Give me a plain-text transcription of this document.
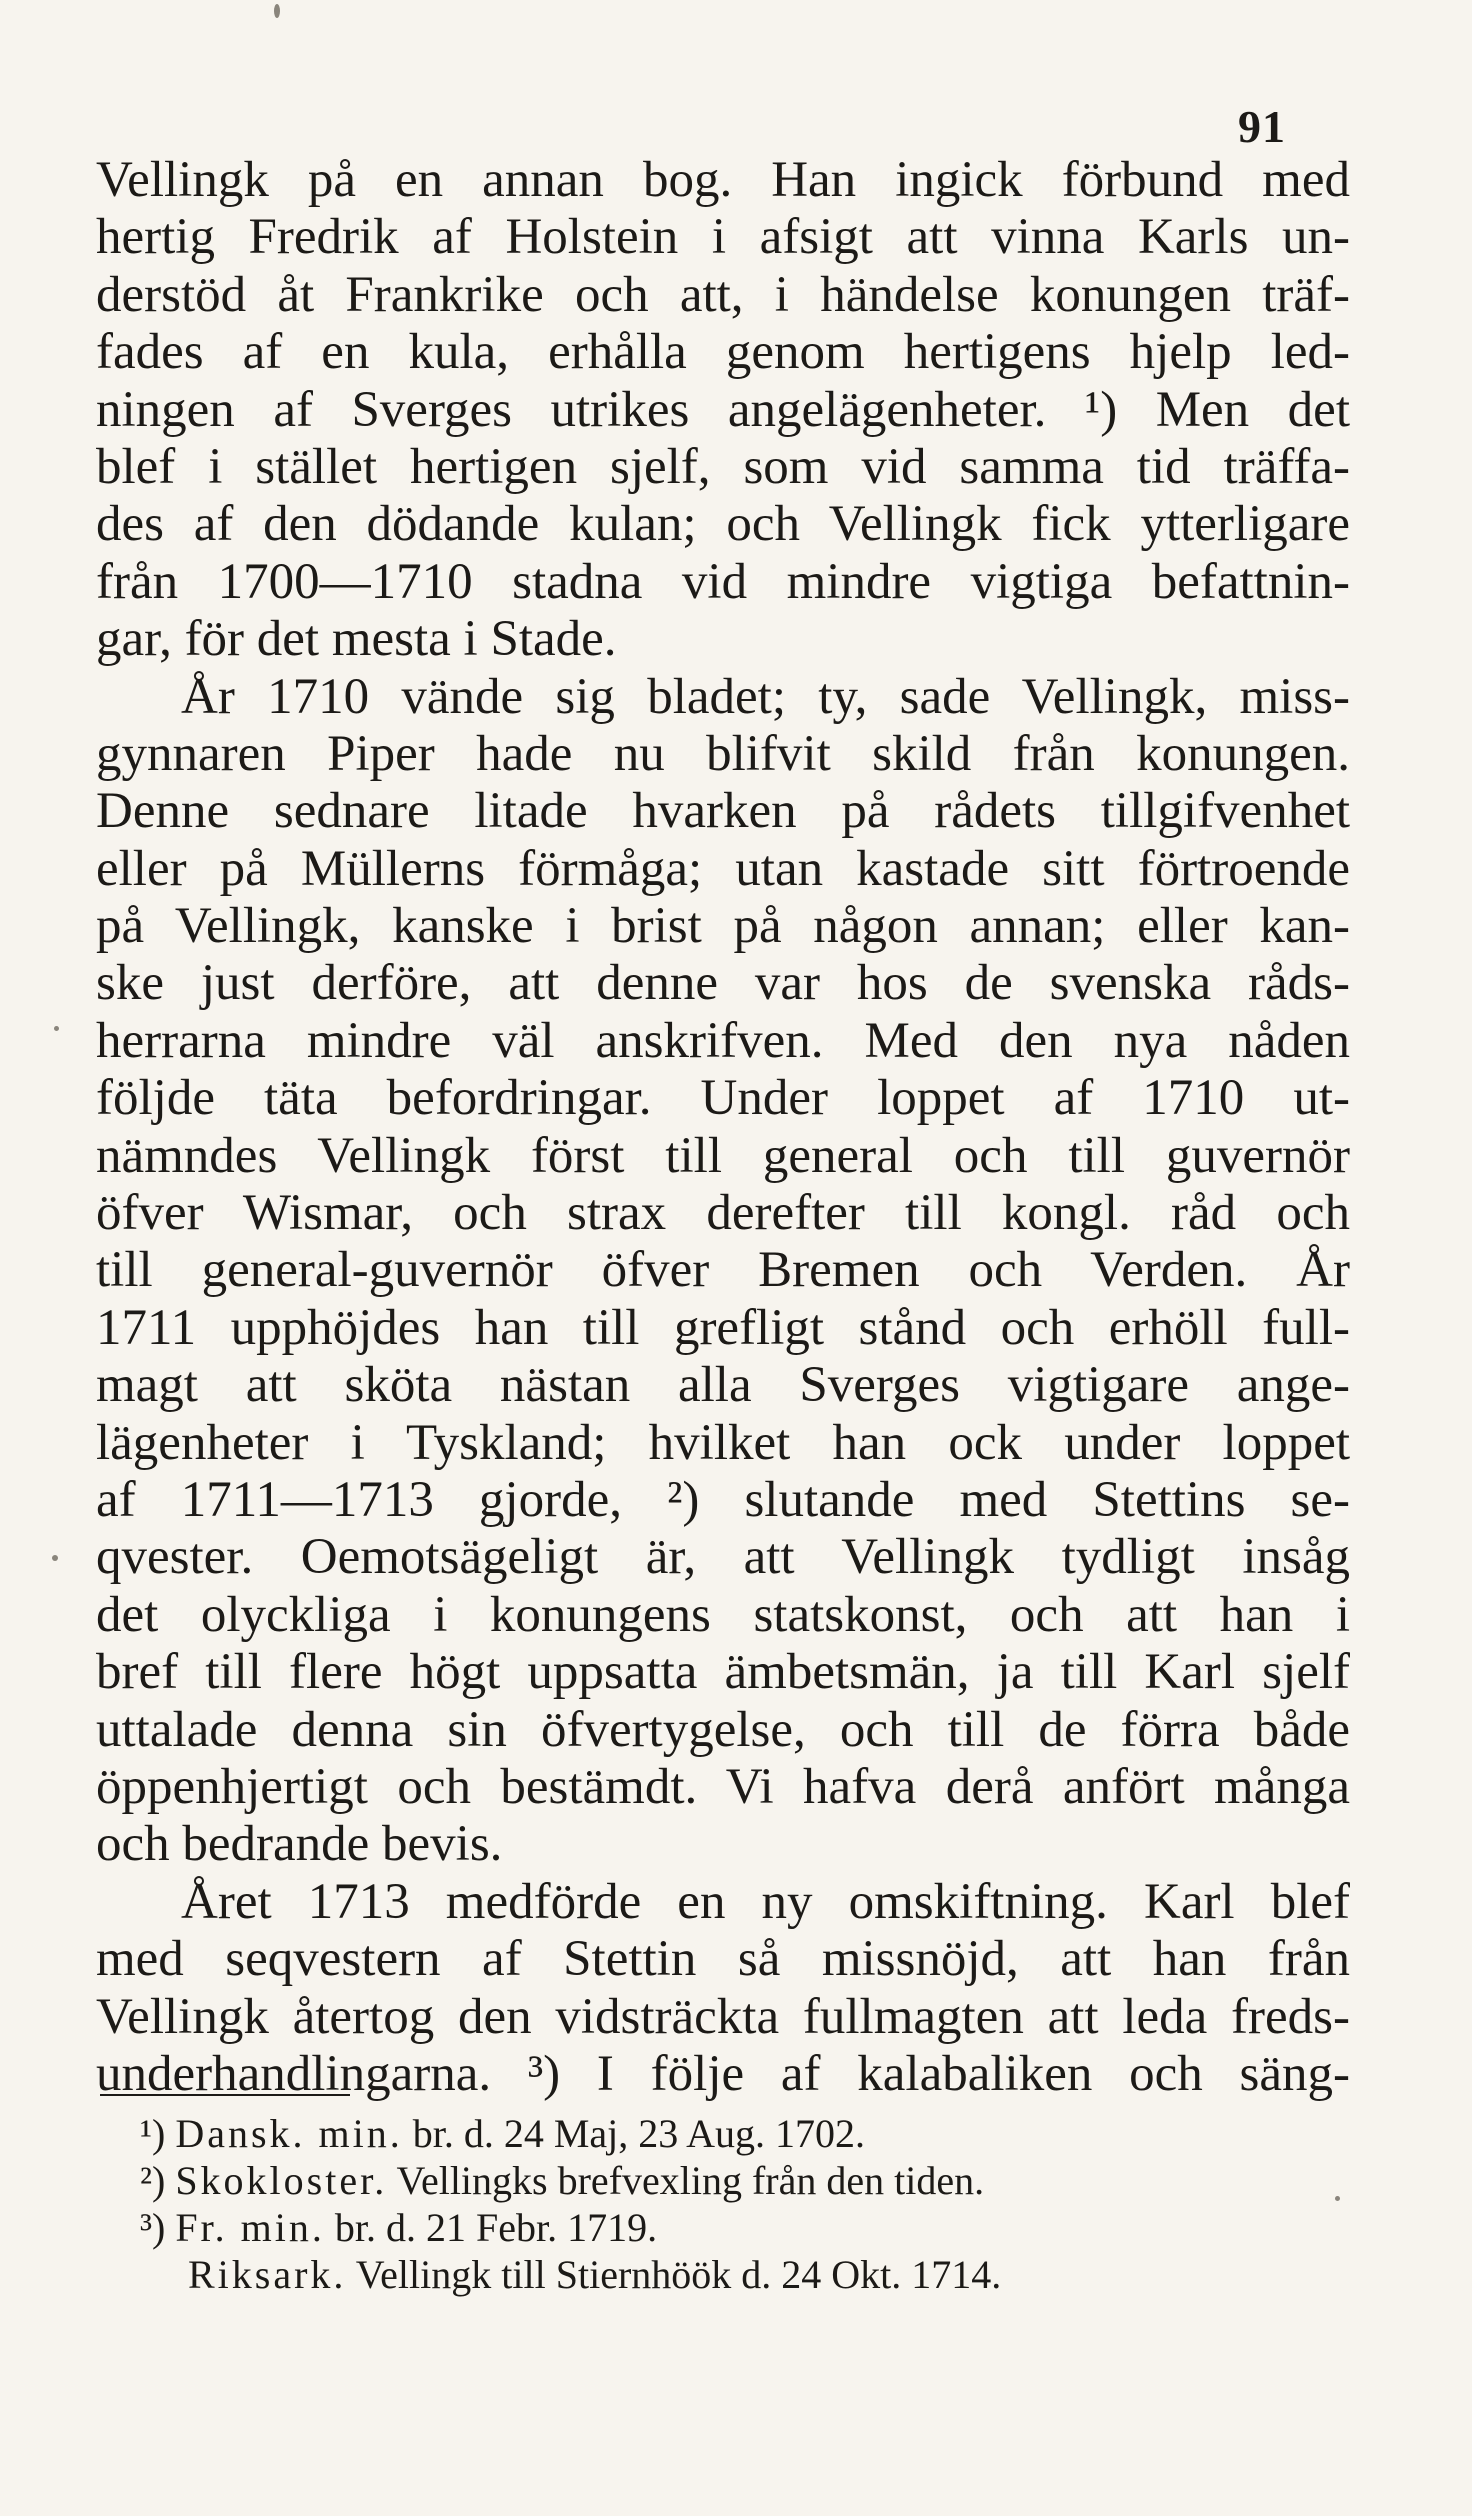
91
Vellingk på en annan bog. Han ingick förbund med
hertig Fredrik af Holstein i afsigt att vinna Karls un-
derstöd åt Frankrike och att, i händelse konungen träf-
fades af en kula, erhålla genom hertigens hjelp led-
ningen af Sverges utrikes angelägenheter. ¹) Men det
blef i stället hertigen sjelf, som vid samma tid träffa-
des af den dödande kulan; och Vellingk fick ytterligare
från 1700—1710 stadna vid mindre vigtiga befattnin-
gar, för det mesta i Stade.
År 1710 vände sig bladet; ty, sade Vellingk, miss-
gynnaren Piper hade nu blifvit skild från konungen.
Denne sednare litade hvarken på rådets tillgifvenhet
eller på Müllerns förmåga; utan kastade sitt förtroende
på Vellingk, kanske i brist på någon annan; eller kan-
ske just derföre, att denne var hos de svenska råds-
herrarna mindre väl anskrifven. Med den nya nåden
följde täta befordringar. Under loppet af 1710 ut-
nämndes Vellingk först till general och till guvernör
öfver Wismar, och strax derefter till kongl. råd och
till general-guvernör öfver Bremen och Verden. År
1711 upphöjdes han till grefligt stånd och erhöll full-
magt att sköta nästan alla Sverges vigtigare ange-
lägenheter i Tyskland; hvilket han ock under loppet
af 1711—1713 gjorde, ²) slutande med Stettins se-
qvester. Oemotsägeligt är, att Vellingk tydligt insåg
det olyckliga i konungens statskonst, och att han i
bref till flere högt uppsatta ämbetsmän, ja till Karl sjelf
uttalade denna sin öfvertygelse, och till de förra både
öppenhjertigt och bestämdt. Vi hafva derå anfört många
och bedrande bevis.
Året 1713 medförde en ny omskiftning. Karl blef
med seqvestern af Stettin så missnöjd, att han från
Vellingk återtog den vidsträckta fullmagten att leda freds-
underhandlingarna. ³) I följe af kalabaliken och säng-
¹) Dansk. min. br. d. 24 Maj, 23 Aug. 1702.
²) Skokloster. Vellingks brefvexling från den tiden.
³) Fr. min. br. d. 21 Febr. 1719.
Riksark. Vellingk till Stiernhöök d. 24 Okt. 1714.
